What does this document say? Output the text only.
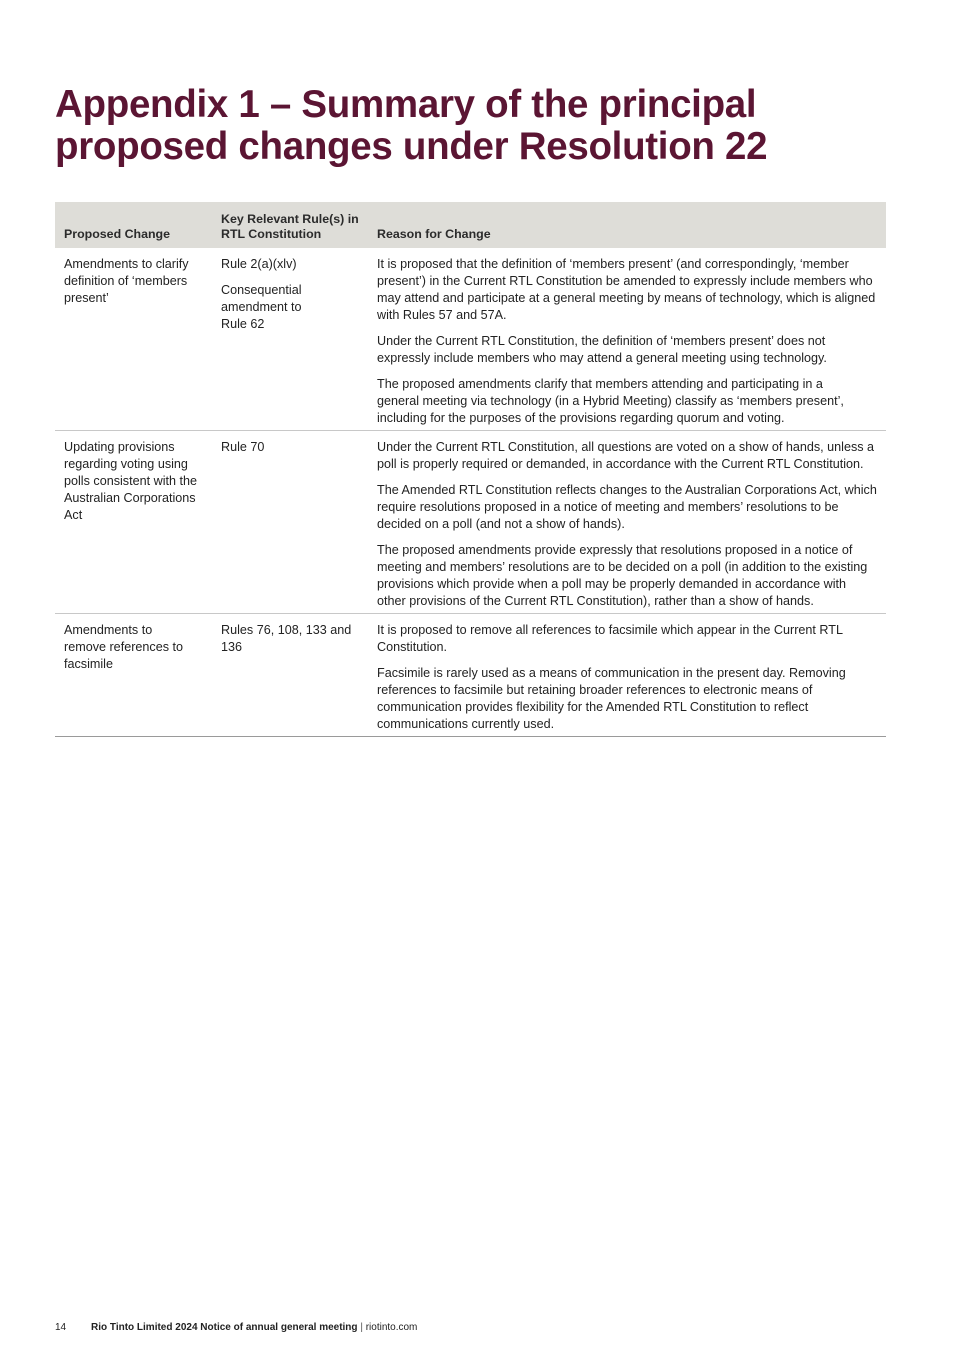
Appendix 1 – Summary of the principal proposed changes under Resolution 22
Proposed Change
Key Relevant Rule(s) in RTL Constitution	Reason for Change

Amendments to clarify definition of ‘members present’

Rule 2(a)(xlv)

Consequential amendment to Rule 62

It is proposed that the definition of ‘members present’ (and correspondingly, ‘member present’) in the Current RTL Constitution be amended to expressly include members who may attend and participate at a general meeting by means of technology, which is aligned with Rules 57 and 57A.

Under the Current RTL Constitution, the definition of ‘members present’ does not expressly include members who may attend a general meeting using technology.

The proposed amendments clarify that members attending and participating in a general meeting via technology (in a Hybrid Meeting) classify as ‘members present’, including for the purposes of the provisions regarding quorum and voting.

Updating provisions regarding voting using polls consistent with the Australian Corporations Act

Rule 70	Under the Current RTL Constitution, all questions are voted on a show of hands, unless a poll is properly required or demanded, in accordance with the Current RTL Constitution.

The Amended RTL Constitution reflects changes to the Australian Corporations Act, which require resolutions proposed in a notice of meeting and members’ resolutions to be decided on a poll (and not a show of hands).

The proposed amendments provide expressly that resolutions proposed in a notice of meeting and members’ resolutions are to be decided on a poll (in addition to the existing provisions which provide when a poll may be properly demanded in accordance with other provisions of the Current RTL Constitution), rather than a show of hands.

Amendments to remove references to facsimile

Rules 76, 108, 133 and 136

It is proposed to remove all references to facsimile which appear in the Current RTL Constitution.

Facsimile is rarely used as a means of communication in the present day. Removing references to facsimile but retaining broader references to electronic means of communication provides flexibility for the Amended RTL Constitution to reflect communications currently used.

14 Rio Tinto Limited 2024 Notice of annual general meeting | riotinto.com
